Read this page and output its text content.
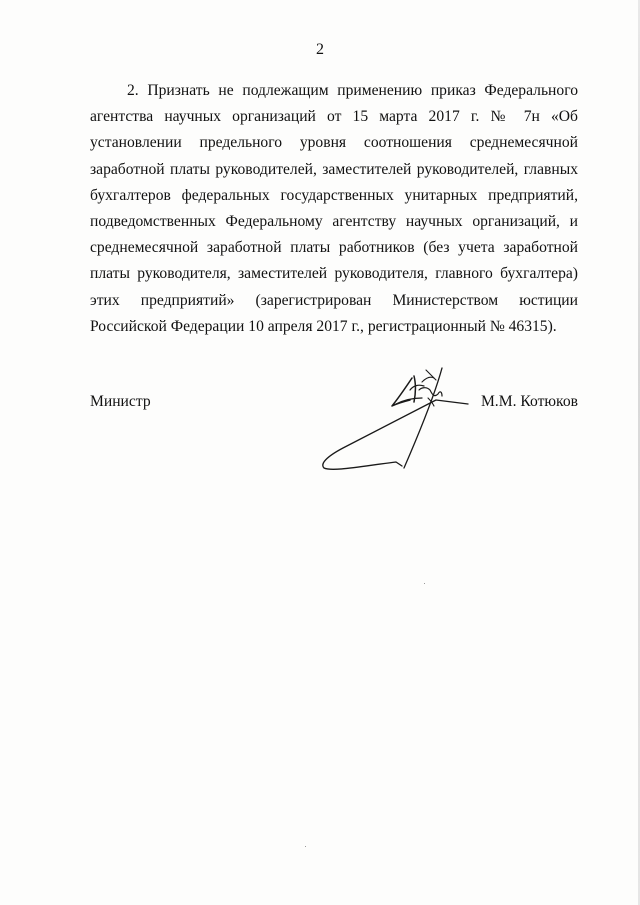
2

2. Признать не подлежащим применению приказ Федерального агентства научных организаций от 15 марта 2017 г. № 7н «Об установлении предельного уровня соотношения среднемесячной заработной платы руководителей, заместителей руководителей, главных бухгалтеров федеральных государственных унитарных предприятий, подведомственных Федеральному агентству научных организаций, и среднемесячной заработной платы работников (без учета заработной платы руководителя, заместителей руководителя, главного бухгалтера) этих предприятий» (зарегистрирован Министерством юстиции Российской Федерации 10 апреля 2017 г., регистрационный № 46315).

Министр	М.М. Котюков
